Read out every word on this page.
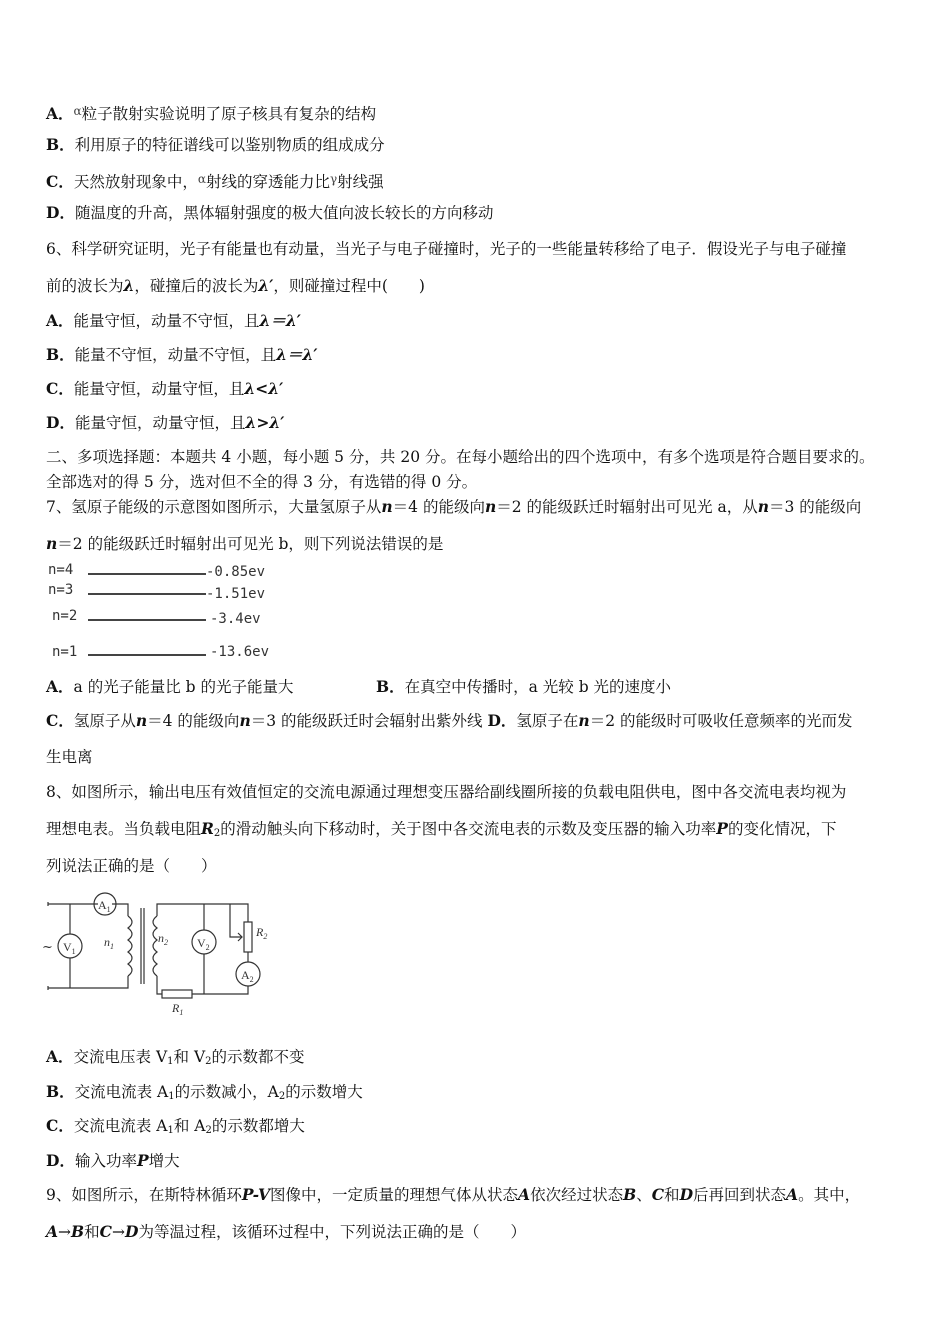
A．$^\alpha$粒子散射实验说明了原子核具有复杂的结构
B．利用原子的特征谱线可以鉴别物质的组成成分
C．天然放射现象中，$^\alpha$射线的穿透能力比$^\gamma$射线强
D．随温度的升高，黑体辐射强度的极大值向波长较长的方向移动
6、科学研究证明，光子有能量也有动量，当光子与电子碰撞时，光子的一些能量转移给了电子．假设光子与电子碰撞
前的波长为λ，碰撞后的波长为λ′，则碰撞过程中(　　)
A．能量守恒，动量不守恒，且λ＝λ′
B．能量不守恒，动量不守恒，且λ＝λ′
C．能量守恒，动量守恒，且λ<λ′
D．能量守恒，动量守恒，且λ>λ′
二、多项选择题：本题共 4 小题，每小题 5 分，共 20 分。在每小题给出的四个选项中，有多个选项是符合题目要求的。
全部选对的得 5 分，选对但不全的得 3 分，有选错的得 0 分。
7、氢原子能级的示意图如图所示，大量氢原子从n＝4 的能级向n＝2 的能级跃迁时辐射出可见光 a，从n＝3 的能级向
n＝2 的能级跃迁时辐射出可见光 b，则下列说法错误的是
n=4	-0.85ev
n=3	-1.51ev
n=2	-3.4ev
n=1	-13.6ev
A．a 的光子能量比 b 的光子能量大	B．在真空中传播时，a 光较 b 光的速度小
C．氢原子从n＝4 的能级向n＝3 的能级跃迁时会辐射出紫外线 D．氢原子在n＝2 的能级时可吸收任意频率的光而发
生电离
8、如图所示，输出电压有效值恒定的交流电源通过理想变压器给副线圈所接的负载电阻供电，图中各交流电表均视为
理想电表。当负载电阻$R_2$的滑动触头向下移动时，关于图中各交流电表的示数及变压器的输入功率P的变化情况，下
列说法正确的是（　　）
~ $V_1$
$A_1$
$n_1$
$n_2$ $V_2$
$R_2$
$A_2$
$R_1$
A．交流电压表 $V_1$和 $V_2$的示数都不变
B．交流电流表 $A_1$的示数减小，$A_2$的示数增大
C．交流电流表 $A_1$和 $A_2$的示数都增大
D．输入功率P增大
9、如图所示，在斯特林循环P-V图像中，一定质量的理想气体从状态A依次经过状态B、C和D后再回到状态A。其中，
A→B和C→D为等温过程，该循环过程中，下列说法正确的是（　　）
